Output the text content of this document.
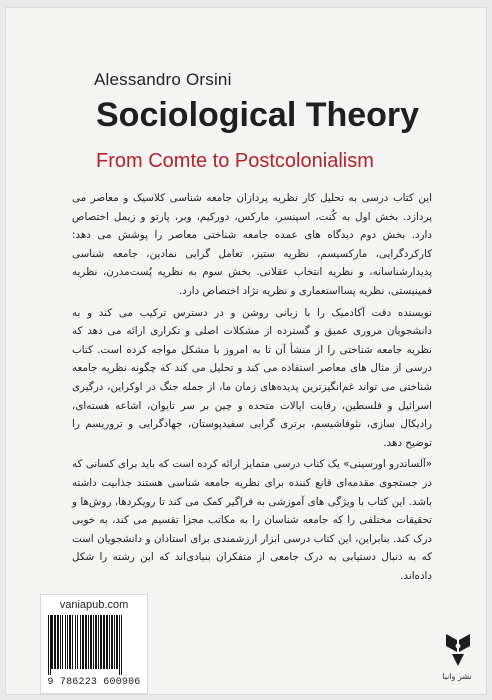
Alessandro Orsini
Sociological Theory
From Comte to Postcolonialism

این کتاب درسی به تحلیل کار نظریه پردازان جامعه شناسی کلاسیک و معاصر می پردازد. بخش اول به کُنت، اسپنسر، مارکس، دورکیم، وبر، پارتو و زیمل اختصاص دارد. بخش دوم دیدگاه های عمده جامعه شناختی معاصر را پوشش می دهد: کارکردگرایی، مارکسیسم، نظریه ستیز، تعامل گرایی نمادین، جامعه شناسی پدیدارشناسانه، و نظریه انتخاب عقلانی. بخش سوم به نظریه پُست‌مدرن، نظریه فمینیستی، نظریه پسااستعماری و نظریه نژاد اختصاص دارد.

نویسنده دقت آکادمیک را با زبانی روشن و در دسترس ترکیب می کند و به دانشجویان مروری عمیق و گسترده از مشکلات اصلی و تکراری ارائه می دهد که نظریه جامعه شناختی را از منشأ آن تا به امروز با مشکل مواجه کرده است. کتاب درسی از مثال های معاصر استفاده می کند و تحلیل می کند که چگونه نظریه جامعه شناختی می تواند غم‌انگیزترین پدیده‌های زمان ما، از جمله جنگ در اوکراین، درگیری اسرائیل و فلسطین، رقابت ایالات متحده و چین بر سر تایوان، اشاعه هسته‌ای، رادیکال سازی، نئوفاشیسم، برتری گرایی سفیدپوستان، جهادگرایی و تروریسم را توضیح دهد.

«آلساندرو اورسینی» یک کتاب درسی متمایز ارائه کرده است که باید برای کسانی که در جستجوی مقدمه‌ای قانع کننده برای نظریه جامعه شناسی هستند جذابیت داشته باشد. این کتاب با ویژگی های آموزشی به فراگیر کمک می کند تا رویکردها، روش‌ها و تحقیقات مختلفی را که جامعه شناسان را به مکاتب مجزا تقسیم می کند، به خوبی درک کند. بنابراین، این کتاب درسی ابزار ارزشمندی برای استادان و دانشجویان است که به دنبال دستیابی به درک جامعی از متفکران بنیادی‌اند که این رشته را شکل داده‌اند.

vaniapub.com
9 786223 600906
نشر وانیا
